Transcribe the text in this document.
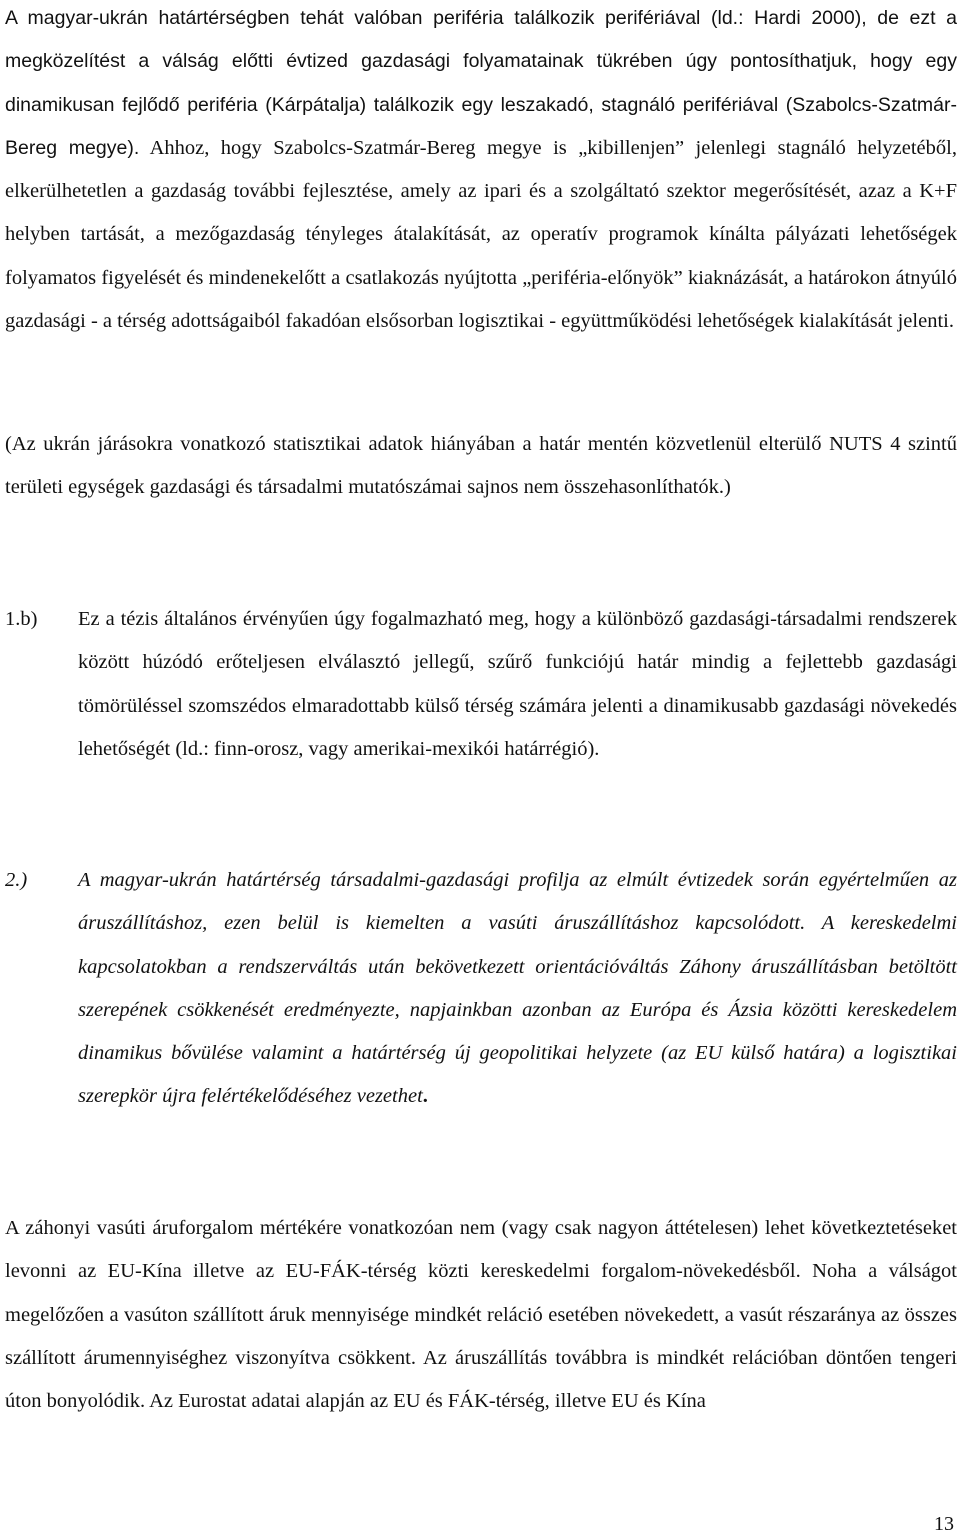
A magyar-ukrán határtérségben tehát valóban periféria találkozik perifériával (ld.: Hardi 2000), de ezt a megközelítést a válság előtti évtized gazdasági folyamatainak tükrében úgy pontosíthatjuk, hogy egy dinamikusan fejlődő periféria (Kárpátalja) találkozik egy leszakadó, stagnáló perifériával (Szabolcs-Szatmár-Bereg megye). Ahhoz, hogy Szabolcs-Szatmár-Bereg megye is „kibillenjen” jelenlegi stagnáló helyzetéből, elkerülhetetlen a gazdaság további fejlesztése, amely az ipari és a szolgáltató szektor megerősítését, azaz a K+F helyben tartását, a mezőgazdaság tényleges átalakítását, az operatív programok kínálta pályázati lehetőségek folyamatos figyelését és mindenekelőtt a csatlakozás nyújtotta „periféria-előnyök” kiaknázását, a határokon átnyúló gazdasági - a térség adottságaiból fakadóan elsősorban logisztikai - együttműködési lehetőségek kialakítását jelenti.

(Az ukrán járásokra vonatkozó statisztikai adatok hiányában a határ mentén közvetlenül elterülő NUTS 4 szintű területi egységek gazdasági és társadalmi mutatószámai sajnos nem összehasonlíthatók.)

1.b) Ez a tézis általános érvényűen úgy fogalmazható meg, hogy a különböző gazdasági-társadalmi rendszerek között húzódó erőteljesen elválasztó jellegű, szűrő funkciójú határ mindig a fejlettebb gazdasági tömörüléssel szomszédos elmaradottabb külső térség számára jelenti a dinamikusabb gazdasági növekedés lehetőségét (ld.: finn-orosz, vagy amerikai-mexikói határrégió).
2.) A magyar-ukrán határtérség társadalmi-gazdasági profilja az elmúlt évtizedek során egyértelműen az áruszállításhoz, ezen belül is kiemelten a vasúti áruszállításhoz kapcsolódott. A kereskedelmi kapcsolatokban a rendszerváltás után bekövetkezett orientációváltás Záhony áruszállításban betöltött szerepének csökkenését eredményezte, napjainkban azonban az Európa és Ázsia közötti kereskedelem dinamikus bővülése valamint a határtérség új geopolitikai helyzete (az EU külső határa) a logisztikai szerepkör újra felértékelődéséhez vezethet.

A záhonyi vasúti áruforgalom mértékére vonatkozóan nem (vagy csak nagyon áttételesen) lehet következtetéseket levonni az EU-Kína illetve az EU-FÁK-térség közti kereskedelmi forgalom-növekedésből. Noha a válságot megelőzően a vasúton szállított áruk mennyisége mindkét reláció esetében növekedett, a vasút részaránya az összes szállított árumennyiséghez viszonyítva csökkent. Az áruszállítás továbbra is mindkét relációban döntően tengeri úton bonyolódik. Az Eurostat adatai alapján az EU és FÁK-térség, illetve EU és Kína

13
